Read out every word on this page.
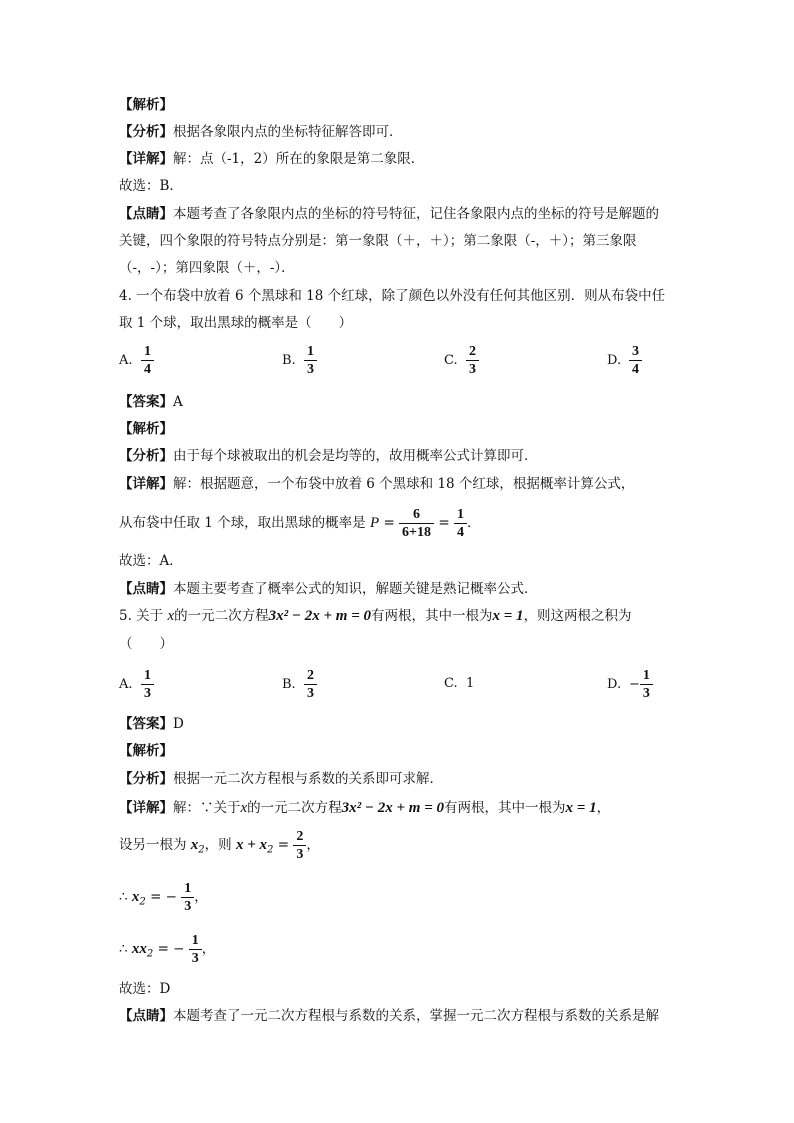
【解析】
【分析】根据各象限内点的坐标特征解答即可．
【详解】解：点（-1，2）所在的象限是第二象限．
故选：B．
【点睛】本题考查了各象限内点的坐标的符号特征，记住各象限内点的坐标的符号是解题的
关键，四个象限的符号特点分别是：第一象限（＋，＋）；第二象限（-，＋）；第三象限
（-，-）；第四象限（＋，-）．
4. 一个布袋中放着 6 个黑球和 18 个红球，除了颜色以外没有任何其他区别．则从布袋中任
取 1 个球，取出黑球的概率是（　　）
A. $\frac{1}{4}$	B. $\frac{1}{3}$	C. $\frac{2}{3}$	D. $\frac{3}{4}$
【答案】A
【解析】
【分析】由于每个球被取出的机会是均等的，故用概率公式计算即可．
【详解】解：根据题意，一个布袋中放着 6 个黑球和 18 个红球，根据概率计算公式，
从布袋中任取 1 个球，取出黑球的概率是 $P = \frac{6}{6+18} = \frac{1}{4}$ ．
故选：A．
【点睛】本题主要考查了概率公式的知识，解题关键是熟记概率公式．
5. 关于 x的一元二次方程3x² − 2x + m = 0有两根，其中一根为x = 1，则这两根之积为
（　　）
A. $\frac{1}{3}$	B. $\frac{2}{3}$	C. 1	D. − $\frac{1}{3}$
【答案】D
【解析】
【分析】根据一元二次方程根与系数的关系即可求解．
【详解】解：∵关于x的一元二次方程3x² − 2x + m = 0有两根，其中一根为x = 1，
设另一根为 $x_2$，则 $x + x_2 = \frac{2}{3}$ ，
∴ $x_2$ = − $\frac{1}{3}$ ，
∴ $xx_2$ = − $\frac{1}{3}$ ，
故选：D
【点睛】本题考查了一元二次方程根与系数的关系，掌握一元二次方程根与系数的关系是解
